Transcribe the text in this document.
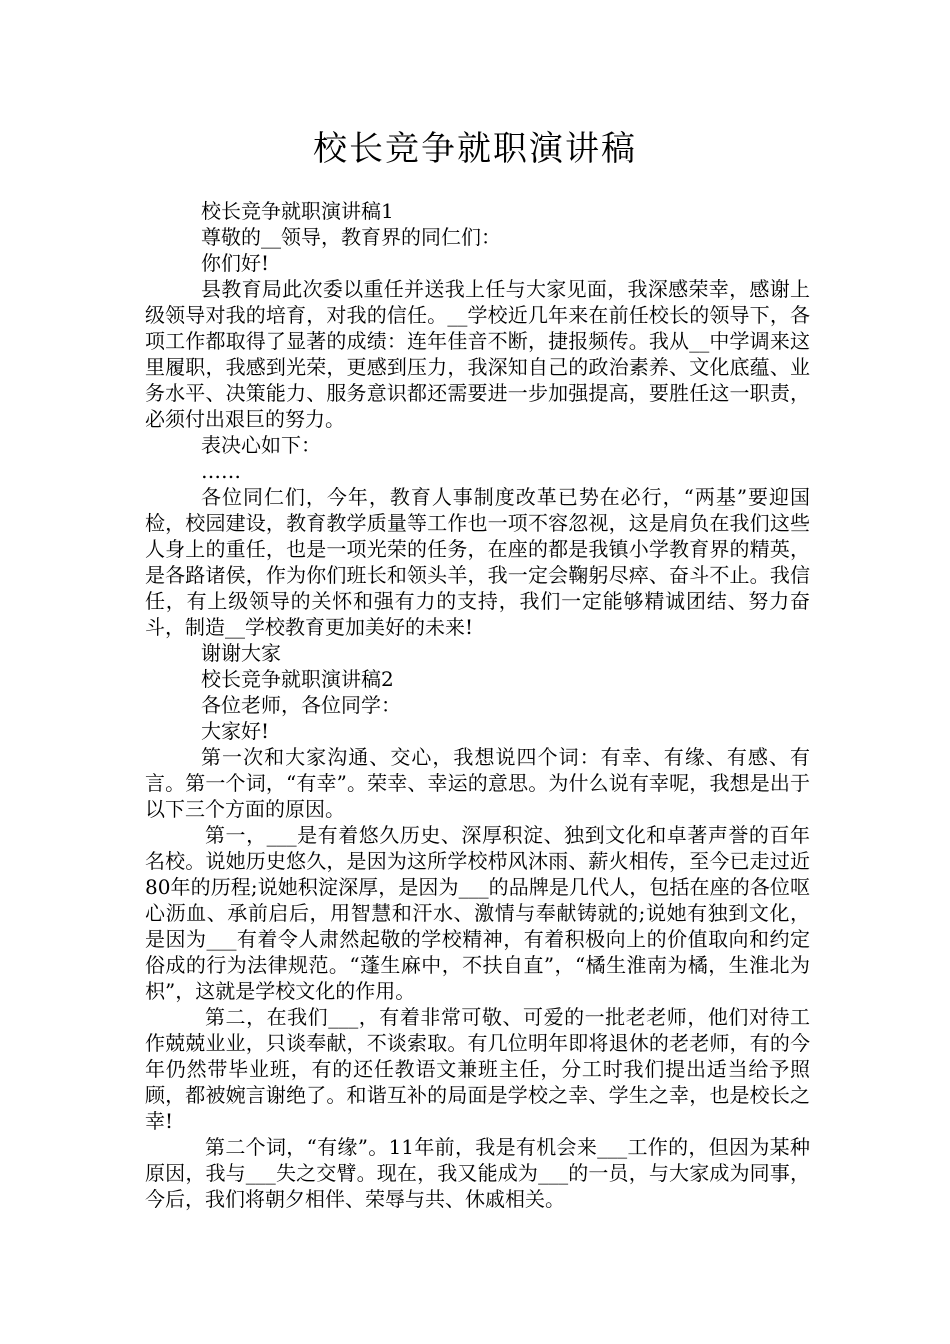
校长竞争就职演讲稿

校长竞争就职演讲稿1

尊敬的__领导，教育界的同仁们：

你们好!

县教育局此次委以重任并送我上任与大家见面，我深感荣幸，感谢上级领导对我的培育，对我的信任。__学校近几年来在前任校长的领导下，各项工作都取得了显著的成绩：连年佳音不断，捷报频传。我从__中学调来这里履职，我感到光荣，更感到压力，我深知自己的政治素养、文化底蕴、业务水平、决策能力、服务意识都还需要进一步加强提高，要胜任这一职责，必须付出艰巨的努力。

表决心如下：

……

各位同仁们，今年，教育人事制度改革已势在必行，“两基”要迎国检，校园建设，教育教学质量等工作也一项不容忽视，这是肩负在我们这些人身上的重任，也是一项光荣的任务，在座的都是我镇小学教育界的精英，是各路诸侯，作为你们班长和领头羊，我一定会鞠躬尽瘁、奋斗不止。我信任，有上级领导的关怀和强有力的支持，我们一定能够精诚团结、努力奋斗，制造__学校教育更加美好的未来!

谢谢大家

校长竞争就职演讲稿2

各位老师，各位同学：

大家好!

第一次和大家沟通、交心，我想说四个词：有幸、有缘、有感、有言。第一个词，“有幸”。荣幸、幸运的意思。为什么说有幸呢，我想是出于以下三个方面的原因。

第一，___是有着悠久历史、深厚积淀、独到文化和卓著声誉的百年名校。说她历史悠久，是因为这所学校栉风沐雨、薪火相传，至今已走过近80年的历程;说她积淀深厚，是因为___的品牌是几代人，包括在座的各位呕心沥血、承前启后，用智慧和汗水、激情与奉献铸就的;说她有独到文化，是因为___有着令人肃然起敬的学校精神，有着积极向上的价值取向和约定俗成的行为法律规范。“蓬生麻中，不扶自直”，“橘生淮南为橘，生淮北为枳”，这就是学校文化的作用。

第二，在我们___，有着非常可敬、可爱的一批老老师，他们对待工作兢兢业业，只谈奉献，不谈索取。有几位明年即将退休的老老师，有的今年仍然带毕业班，有的还任教语文兼班主任，分工时我们提出适当给予照顾，都被婉言谢绝了。和谐互补的局面是学校之幸、学生之幸，也是校长之幸!

第二个词，“有缘”。11年前，我是有机会来___工作的，但因为某种原因，我与___失之交臂。现在，我又能成为___的一员，与大家成为同事，今后，我们将朝夕相伴、荣辱与共、休戚相关。
